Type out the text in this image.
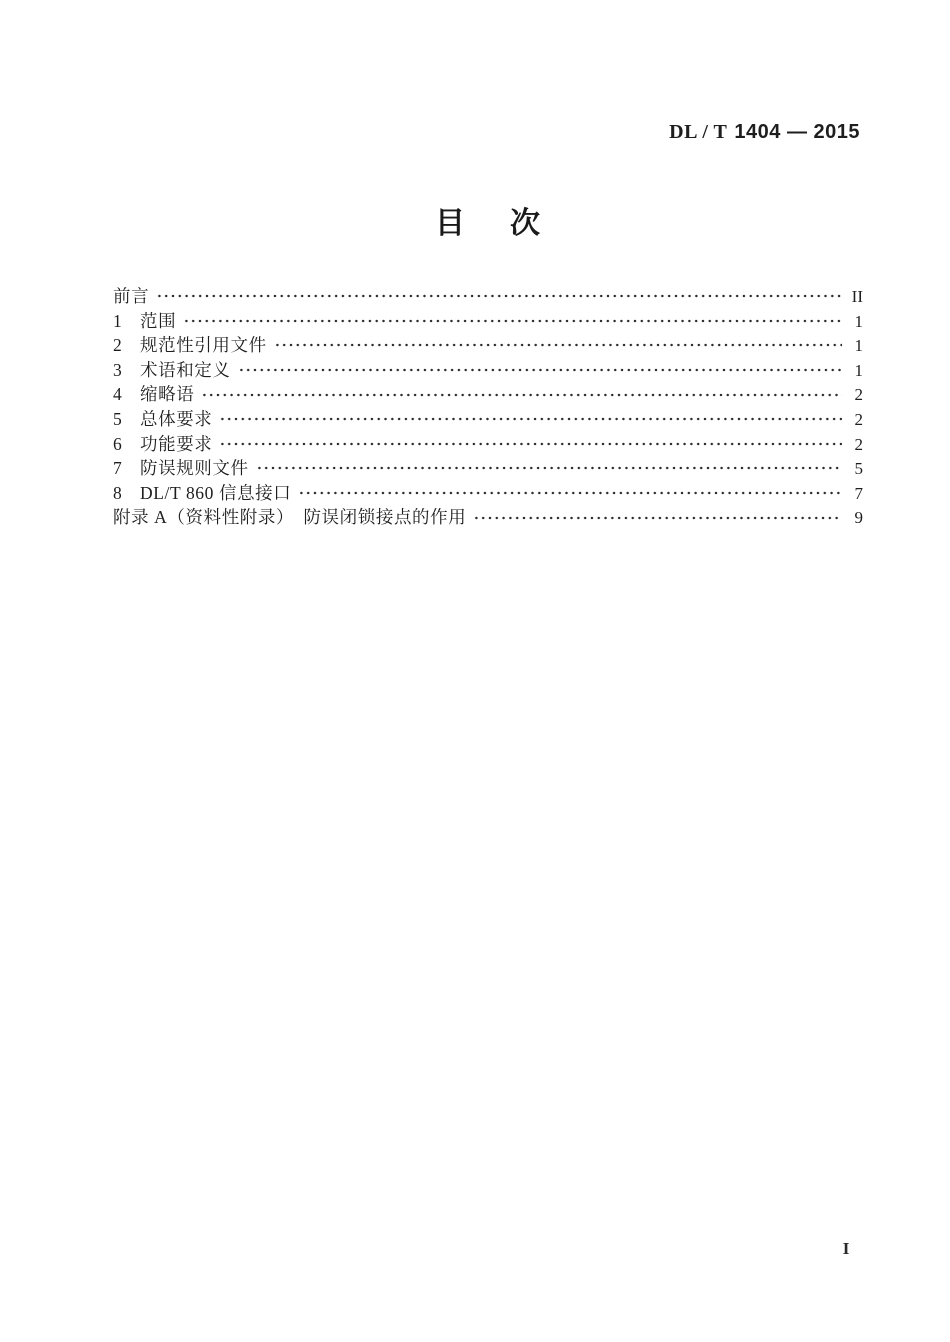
DL / T 1404 — 2015
目次
前言	II
1	范围	1
2	规范性引用文件	1
3	术语和定义	1
4	缩略语	2
5	总体要求	2
6	功能要求	2
7	防误规则文件	5
8	DL/T 860 信息接口	7
附录 A（资料性附录）　防误闭锁接点的作用	9
I
